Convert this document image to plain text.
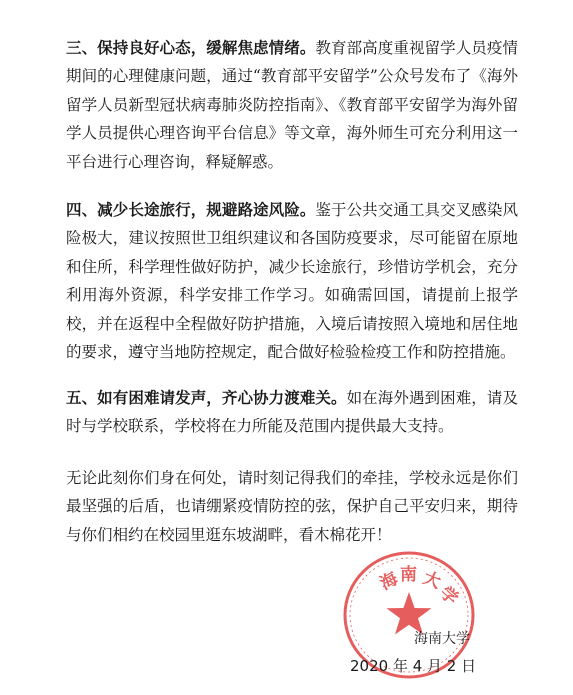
三、保持良好心态，缓解焦虑情绪。教育部高度重视留学人员疫情期间的心理健康问题，通过“教育部平安留学”公众号发布了《海外留学人员新型冠状病毒肺炎防控指南》、《教育部平安留学为海外留学人员提供心理咨询平台信息》等文章，海外师生可充分利用这一平台进行心理咨询，释疑解惑。

四、减少长途旅行，规避路途风险。鉴于公共交通工具交叉感染风险极大，建议按照世卫组织建议和各国防疫要求，尽可能留在原地和住所，科学理性做好防护，减少长途旅行，珍惜访学机会，充分利用海外资源，科学安排工作学习。如确需回国，请提前上报学校，并在返程中全程做好防护措施，入境后请按照入境地和居住地的要求，遵守当地防控规定，配合做好检验检疫工作和防控措施。

五、如有困难请发声，齐心协力渡难关。如在海外遇到困难，请及时与学校联系，学校将在力所能及范围内提供最大支持。

无论此刻你们身在何处，请时刻记得我们的牵挂，学校永远是你们最坚强的后盾，也请绷紧疫情防控的弦，保护自己平安归来，期待与你们相约在校园里逛东坡湖畔，看木棉花开！

海
南 大
学
海南大学
2020 年 4 月 2 日
